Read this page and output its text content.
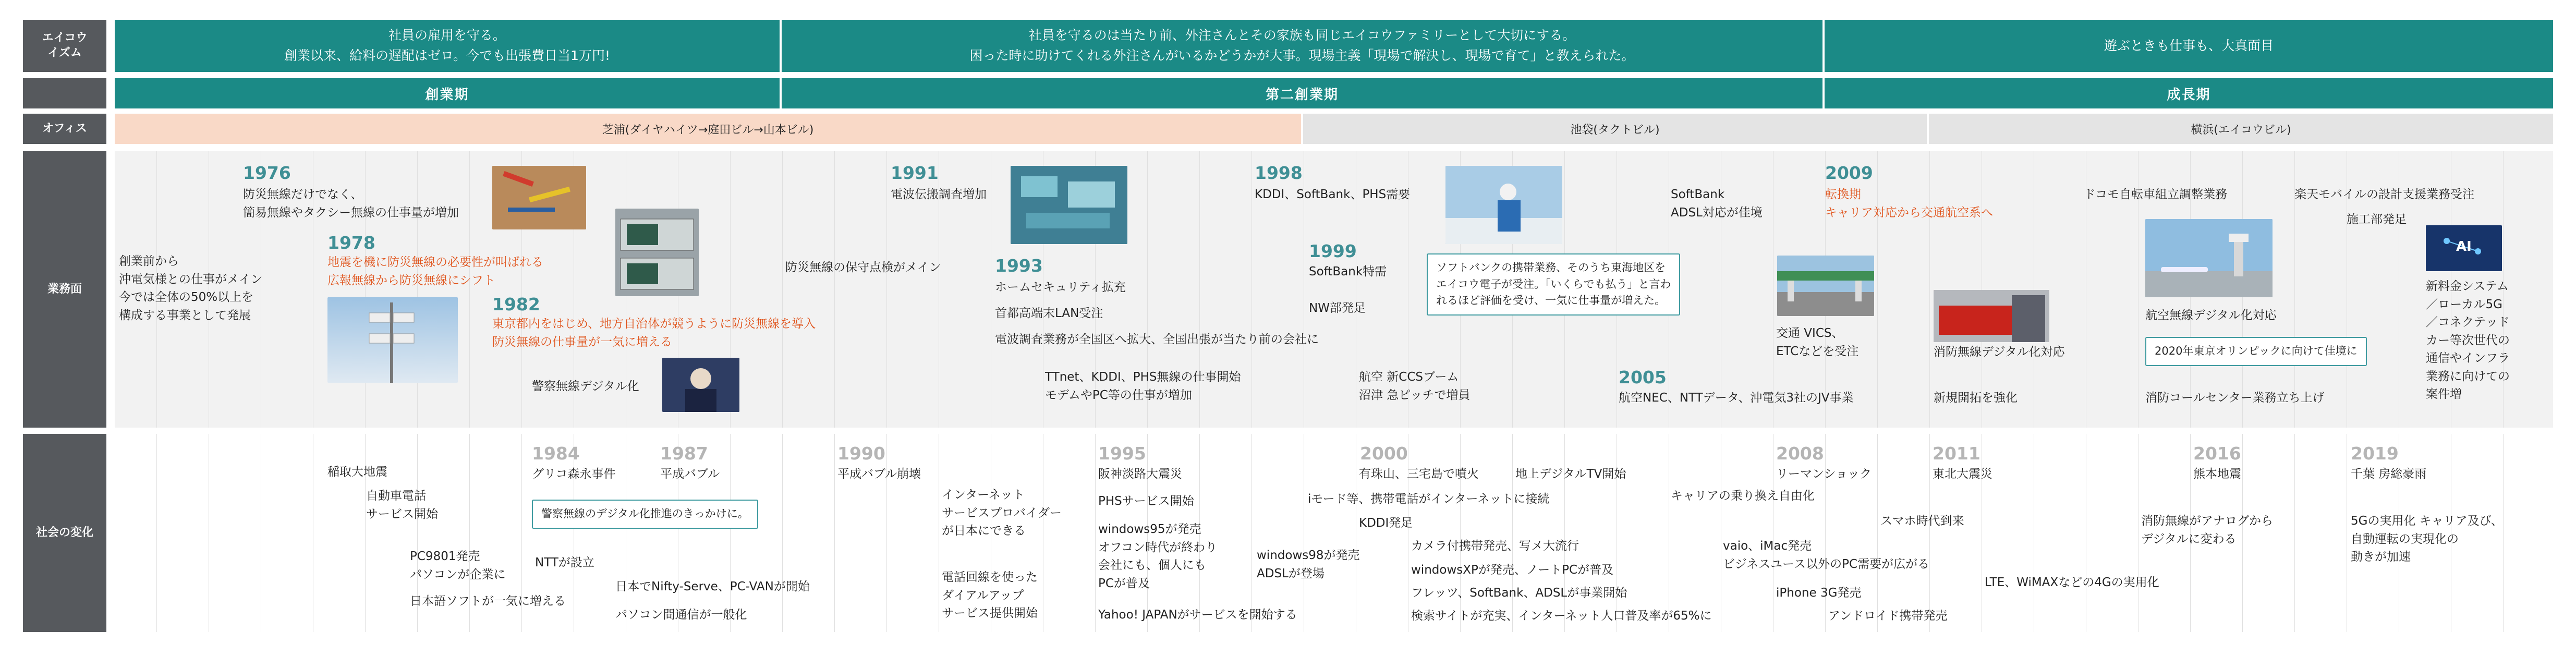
エイコウ
イズム
オフィス
業務面
社会の変化
社員の雇用を守る。
創業以来、給料の遅配はゼロ。今でも出張費日当1万円!
社員を守るのは当たり前、外注さんとその家族も同じエイコウファミリーとして大切にする。
困った時に助けてくれる外注さんがいるかどうかが大事。現場主義「現場で解決し、現場で育て」と教えられた。
遊ぶときも仕事も、大真面目
創業期	第二創業期	成長期
芝浦(ダイヤハイツ→庭田ビル→山本ビル)	池袋(タクトビル)	横浜(エイコウビル)
創業前から
沖電気様との仕事がメイン
今では全体の50%以上を
構成する事業として発展
1976
防災無線だけでなく、
簡易無線やタクシー無線の仕事量が増加
1978
地震を機に防災無線の必要性が叫ばれる
広報無線から防災無線にシフト
1982
東京都内をはじめ、地方自治体が競うように防災無線を導入
防災無線の仕事量が一気に増える
警察無線デジタル化
防災無線の保守点検がメイン
1991
電波伝搬調査増加
1993
ホームセキュリティ拡充
首都高端末LAN受注
電波調査業務が全国区へ拡大、全国出張が当たり前の会社に
TTnet、KDDI、PHS無線の仕事開始
モデムやPC等の仕事が増加
1998
KDDI、SoftBank、PHS需要
1999
SoftBank特需	ソフトバンクの携帯業務、そのうち東海地区を
エイコウ電子が受注。「いくらでも払う」と言わ
れるほど評価を受け、一気に仕事量が増えた。
NW部発足
航空 新CCSブーム
沼津 急ピッチで増員
SoftBank
ADSL対応が佳境
2005
航空NEC、NTTデータ、沖電気3社のJV事業
2009
転換期
キャリア対応から交通航空系へ
交通 VICS、
ETCなどを受注	消防無線デジタル化対応
新規開拓を強化
ドコモ自転車組立調整業務
航空無線デジタル化対応
2020年東京オリンピックに向けて佳境に
消防コールセンター業務立ち上げ
楽天モバイルの設計支援業務受注
施工部発足
AI
新料金システム
／ローカル5G
／コネクテッド
カー等次世代の
通信やインフラ
業務に向けての
案件増
稲取大地震
自動車電話
サービス開始
PC9801発売
パソコンが企業に
日本語ソフトが一気に増える
1984
グリコ森永事件
警察無線のデジタル化推進のきっかけに。
NTTが設立
1987
平成バブル
日本でNifty-Serve、PC-VANが開始
パソコン間通信が一般化
1990
平成バブル崩壊
インターネット
サービスプロバイダー
が日本にできる
電話回線を使った
ダイアルアップ
サービス提供開始
1995
阪神淡路大震災
PHSサービス開始
windows95が発売
オフコン時代が終わり
会社にも、個人にも
PCが普及
Yahoo! JAPANがサービスを開始する
windows98が発売
ADSLが登場
2000
有珠山、三宅島で噴火
iモード等、携帯電話がインターネットに接続
KDDI発足
カメラ付携帯発売、写メ大流行
windowsXPが発売、ノートPCが普及
フレッツ、SoftBank、ADSLが事業開始
検索サイトが充実、インターネット人口普及率が65%に
地上デジタルTV開始
キャリアの乗り換え自由化
vaio、iMac発売
ビジネスユース以外のPC需要が広がる
2008
リーマンショック
iPhone 3G発売
スマホ時代到来
アンドロイド携帯発売
2011
東北大震災
LTE、WiMAXなどの4Gの実用化
2016
熊本地震
消防無線がアナログから
デジタルに変わる
2019
千葉 房総豪雨
5Gの実用化 キャリア及び、
自動運転の実現化の
動きが加速
